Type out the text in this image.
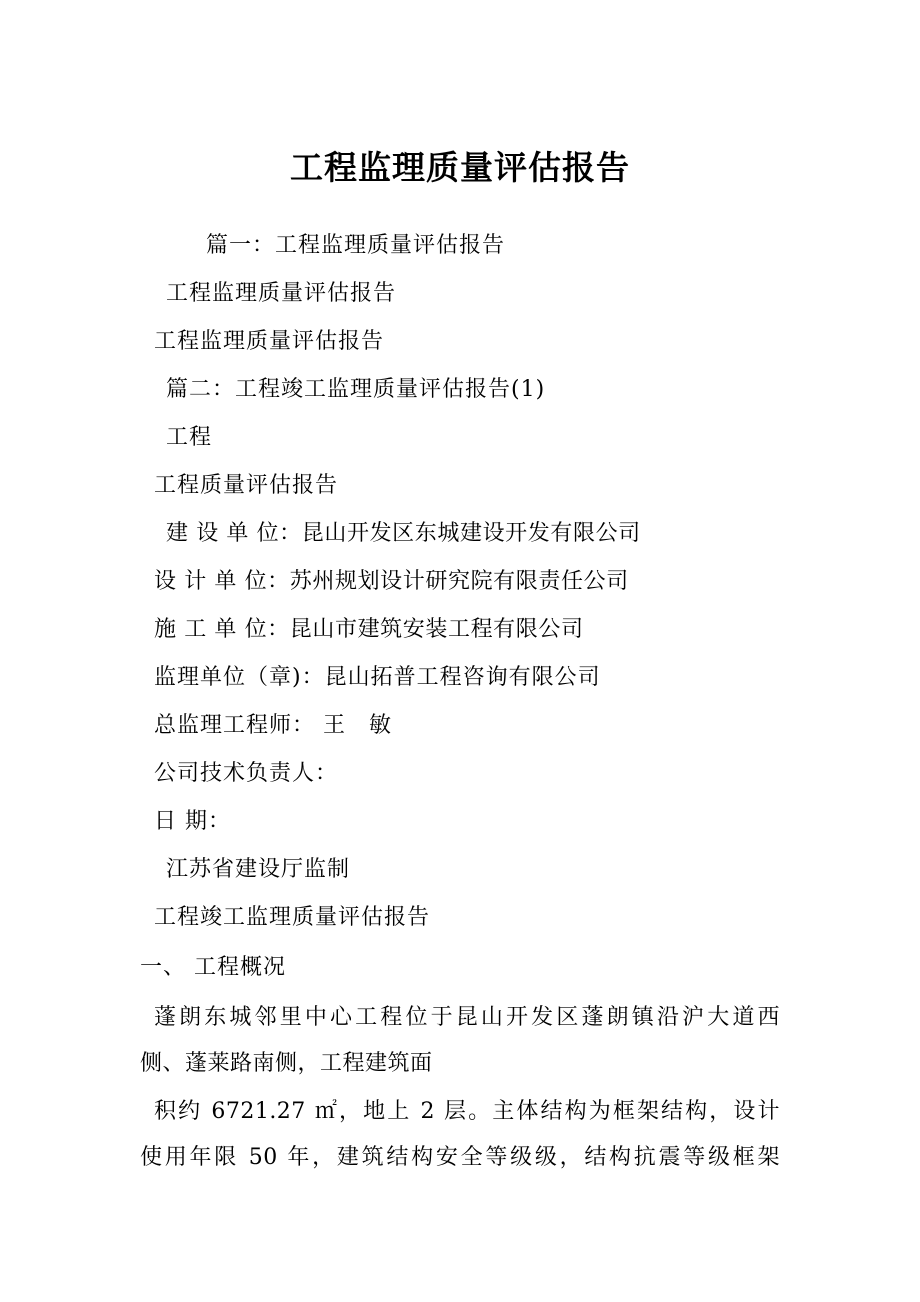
工程监理质量评估报告
篇一：工程监理质量评估报告
工程监理质量评估报告
工程监理质量评估报告
篇二：工程竣工监理质量评估报告(1)
工程
工程质量评估报告
建 设 单 位：昆山开发区东城建设开发有限公司
设 计 单 位：苏州规划设计研究院有限责任公司
施 工 单 位：昆山市建筑安装工程有限公司
监理单位（章)：昆山拓普工程咨询有限公司
总监理工程师： 王　敏
公司技术负责人：
日 期：
江苏省建设厅监制
工程竣工监理质量评估报告
一、 工程概况
蓬朗东城邻里中心工程位于昆山开发区蓬朗镇沿沪大道西
侧、蓬莱路南侧，工程建筑面
积约 6721.27 ㎡，地上 2 层。主体结构为框架结构，设计
使用年限 50 年，建筑结构安全等级级，结构抗震等级框架
